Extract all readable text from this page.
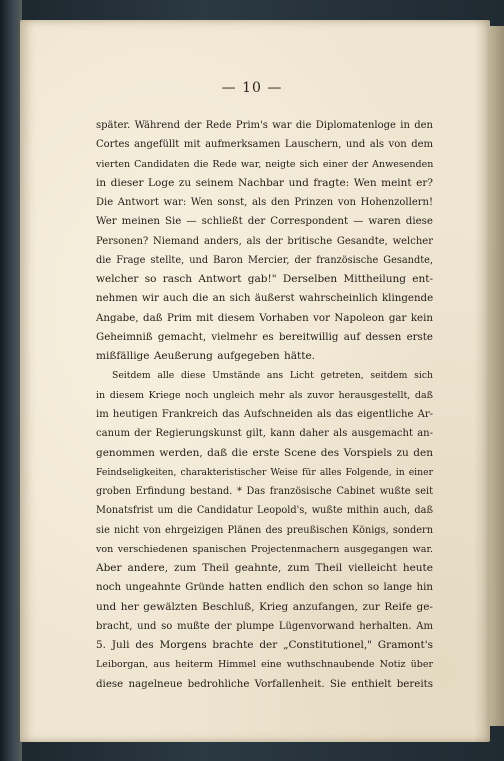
— 10 —
später. Während der Rede Prim's war die Diplomatenloge in den
Cortes angefüllt mit aufmerksamen Lauschern, und als von dem
vierten Candidaten die Rede war, neigte sich einer der Anwesenden
in dieser Loge zu seinem Nachbar und fragte: Wen meint er?
Die Antwort war: Wen sonst, als den Prinzen von Hohenzollern!
Wer meinen Sie — schließt der Correspondent — waren diese
Personen? Niemand anders, als der britische Gesandte, welcher
die Frage stellte, und Baron Mercier, der französische Gesandte,
welcher so rasch Antwort gab!" Derselben Mittheilung ent-
nehmen wir auch die an sich äußerst wahrscheinlich klingende
Angabe, daß Prim mit diesem Vorhaben vor Napoleon gar kein
Geheimniß gemacht, vielmehr es bereitwillig auf dessen erste
mißfällige Aeußerung aufgegeben hätte.
Seitdem alle diese Umstände ans Licht getreten, seitdem sich
in diesem Kriege noch ungleich mehr als zuvor herausgestellt, daß
im heutigen Frankreich das Aufschneiden als das eigentliche Ar-
canum der Regierungskunst gilt, kann daher als ausgemacht an-
genommen werden, daß die erste Scene des Vorspiels zu den
Feindseligkeiten, charakteristischer Weise für alles Folgende, in einer
groben Erfindung bestand. * Das französische Cabinet wußte seit
Monatsfrist um die Candidatur Leopold's, wußte mithin auch, daß
sie nicht von ehrgeizigen Plänen des preußischen Königs, sondern
von verschiedenen spanischen Projectenmachern ausgegangen war.
Aber andere, zum Theil geahnte, zum Theil vielleicht heute
noch ungeahnte Gründe hatten endlich den schon so lange hin
und her gewälzten Beschluß, Krieg anzufangen, zur Reife ge-
bracht, und so mußte der plumpe Lügenvorwand herhalten. Am
5. Juli des Morgens brachte der „Constitutionel," Gramont's
Leiborgan, aus heiterm Himmel eine wuthschnaubende Notiz über
diese nagelneue bedrohliche Vorfallenheit. Sie enthielt bereits
